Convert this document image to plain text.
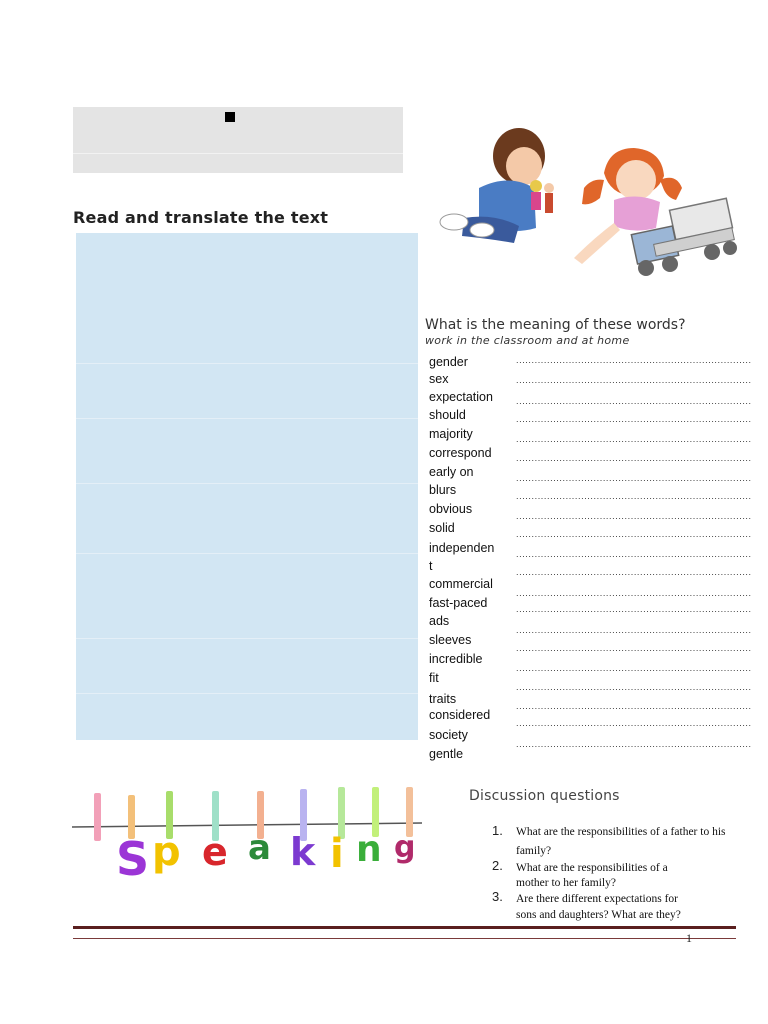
Read and translate the text
What is the meaning of these words?
work in the classroom and at home
gender
sex
expectation
should
majority
correspond
early on
blurs
obvious
solid
independen
t
commercial
fast-paced
ads
sleeves
incredible
fit
traits
considered
society
gentle
............................................................................
............................................................................
............................................................................
............................................................................
............................................................................
............................................................................
............................................................................
............................................................................
............................................................................
............................................................................
............................................................................
............................................................................
............................................................................
............................................................................
............................................................................
............................................................................
............................................................................
............................................................................
............................................................................
............................................................................
............................................................................
S p e a k i n g
Discussion questions
1. What are the responsibilities of a father to his
family?
2. What are the responsibilities of a
mother to her family?
3. Are there different expectations for
sons and daughters? What are they?
1
